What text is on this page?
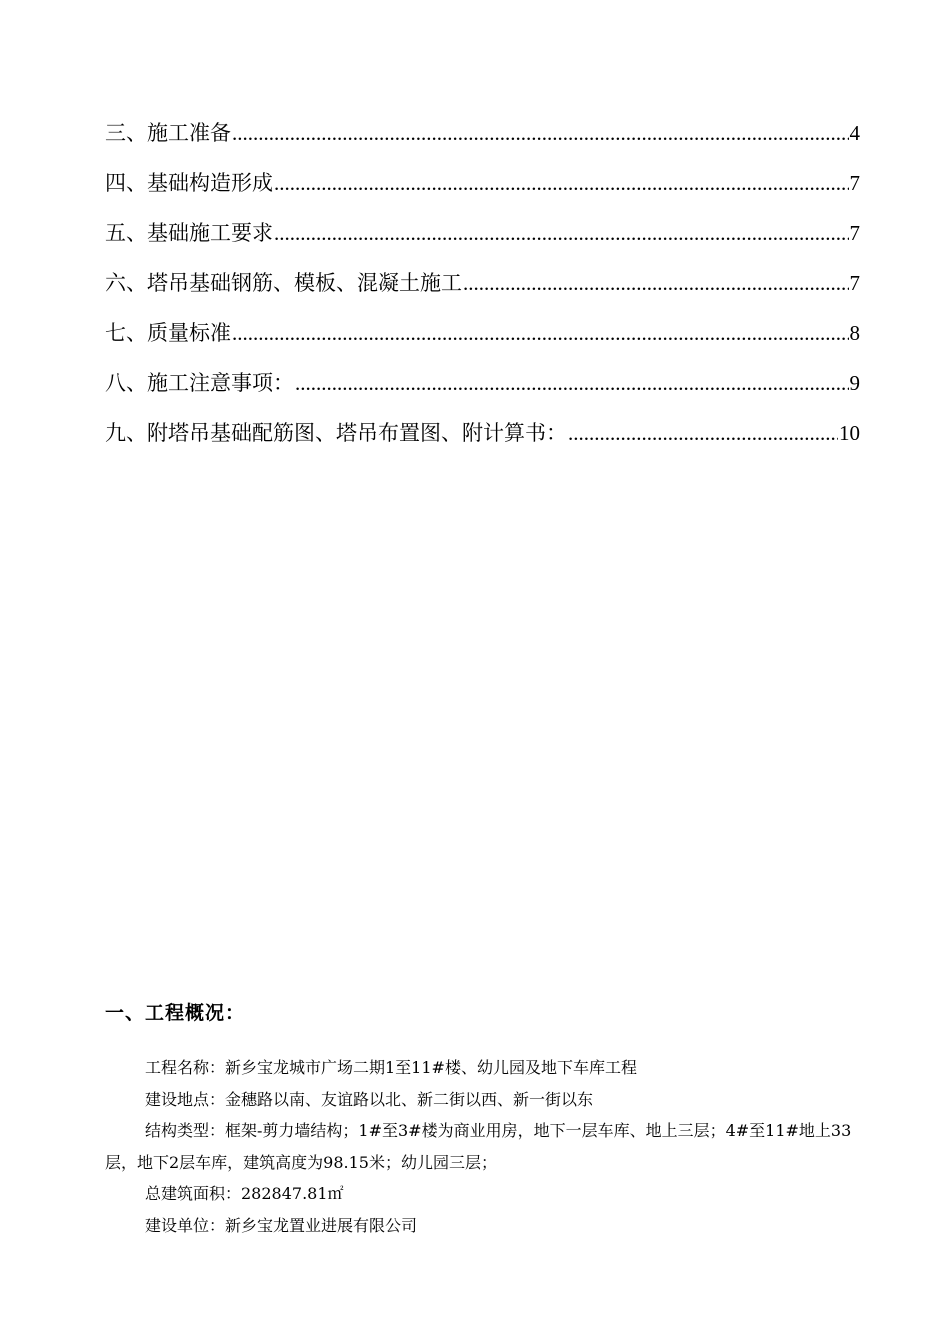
三、施工准备 .....	4
四、基础构造形成 .....	7
五、基础施工要求 .....	7
六、塔吊基础钢筋、模板、混凝土施工 .....	7
七、质量标准 .....	8
八、施工注意事项： .....	9
九、附塔吊基础配筋图、塔吊布置图、附计算书： .....	10
一、工程概况：

工程名称：新乡宝龙城市广场二期1至11#楼、幼儿园及地下车库工程

建设地点：金穗路以南、友谊路以北、新二街以西、新一街以东

结构类型：框架-剪力墙结构；1#至3#楼为商业用房，地下一层车库、地上三层；4#至11#地上33层，地下2层车库，建筑高度为98.15米；幼儿园三层；

总建筑面积：282847.81㎡

建设单位：新乡宝龙置业进展有限公司
